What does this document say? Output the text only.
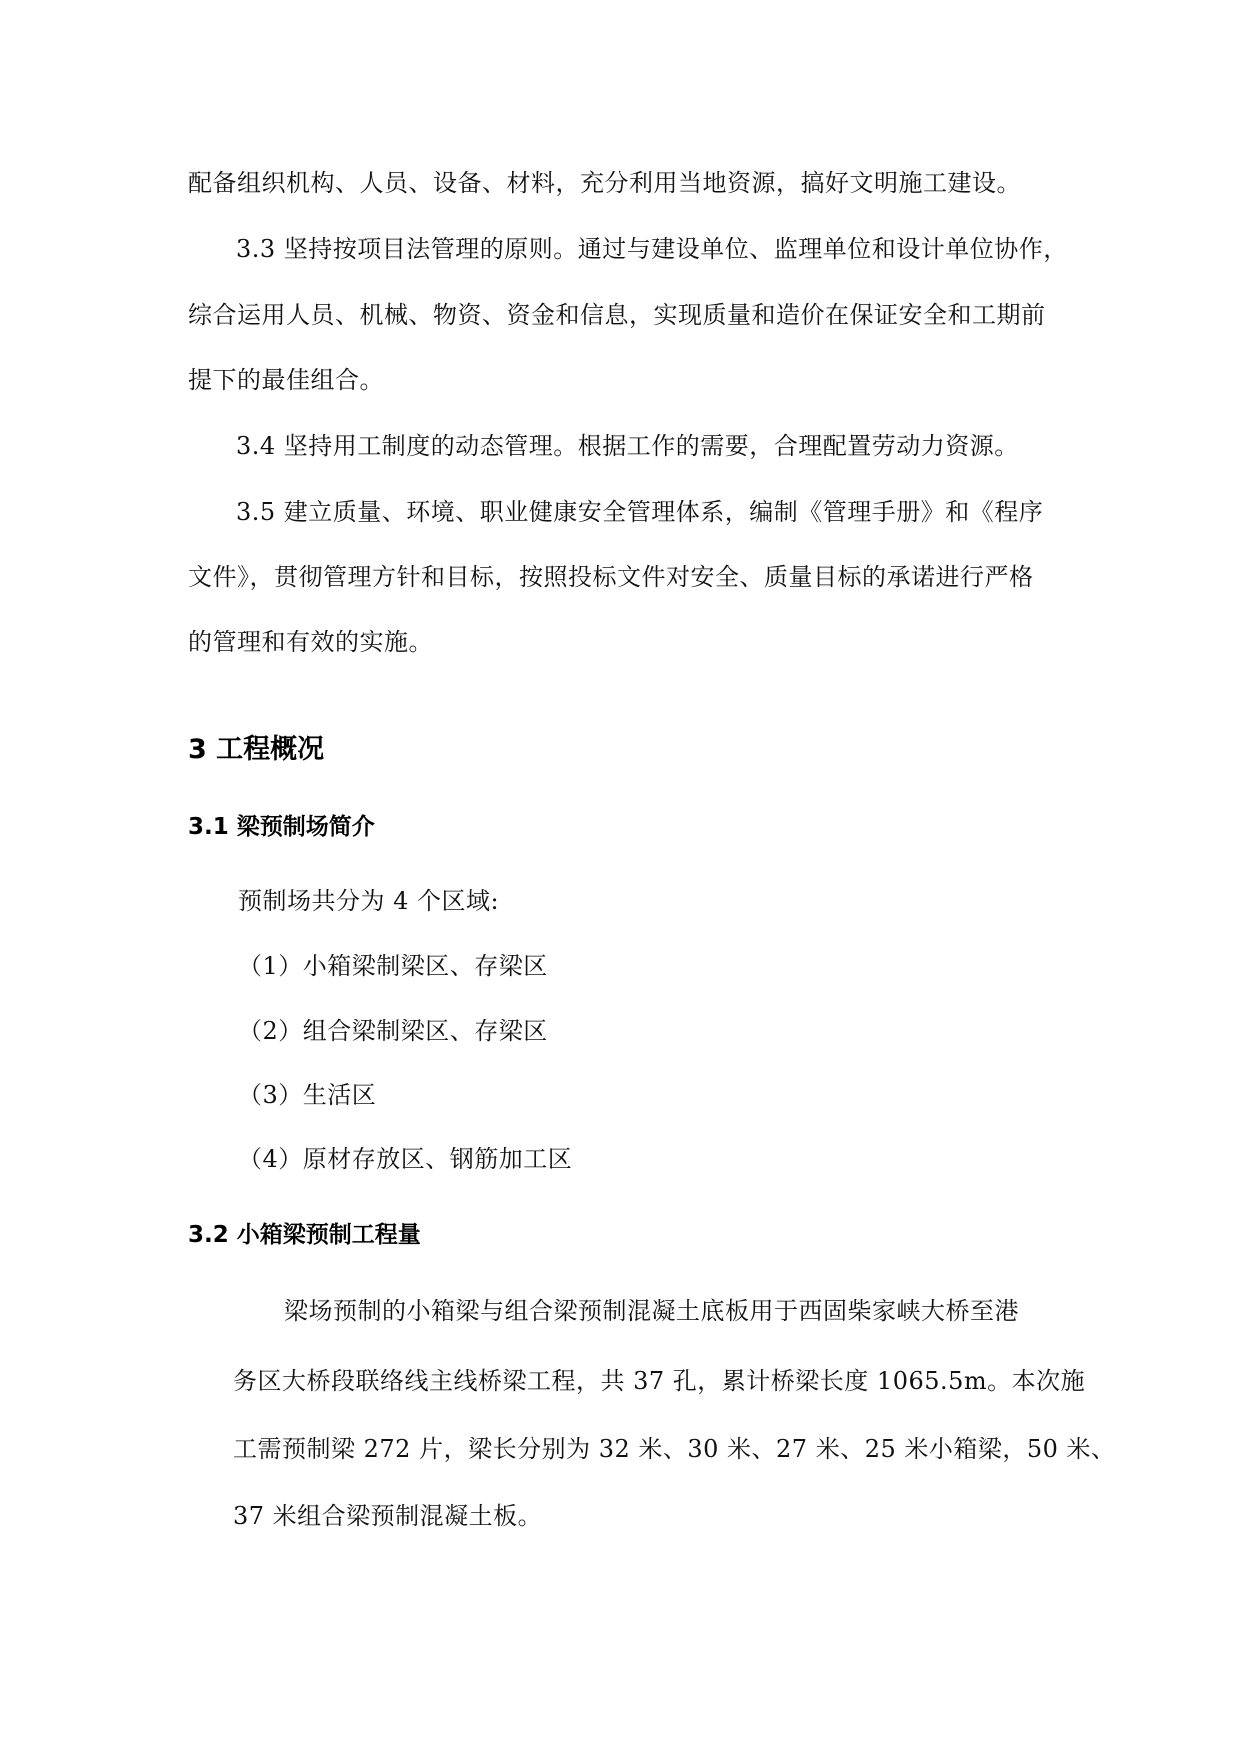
配备组织机构、人员、设备、材料，充分利用当地资源，搞好文明施工建设。
3.3 坚持按项目法管理的原则。通过与建设单位、监理单位和设计单位协作，
综合运用人员、机械、物资、资金和信息，实现质量和造价在保证安全和工期前
提下的最佳组合。
3.4 坚持用工制度的动态管理。根据工作的需要，合理配置劳动力资源。
3.5 建立质量、环境、职业健康安全管理体系，编制《管理手册》和《程序
文件》，贯彻管理方针和目标，按照投标文件对安全、质量目标的承诺进行严格
的管理和有效的实施。
3 工程概况
3.1 梁预制场简介
预制场共分为 4 个区域:
（1）小箱梁制梁区、存梁区
（2）组合梁制梁区、存梁区
（3）生活区
（4）原材存放区、钢筋加工区
3.2 小箱梁预制工程量
梁场预制的小箱梁与组合梁预制混凝土底板用于西固柴家峡大桥至港
务区大桥段联络线主线桥梁工程，共 37 孔，累计桥梁长度 1065.5m。本次施
工需预制梁 272 片，梁长分别为 32 米、30 米、27 米、25 米小箱梁，50 米、
37 米组合梁预制混凝土板。
